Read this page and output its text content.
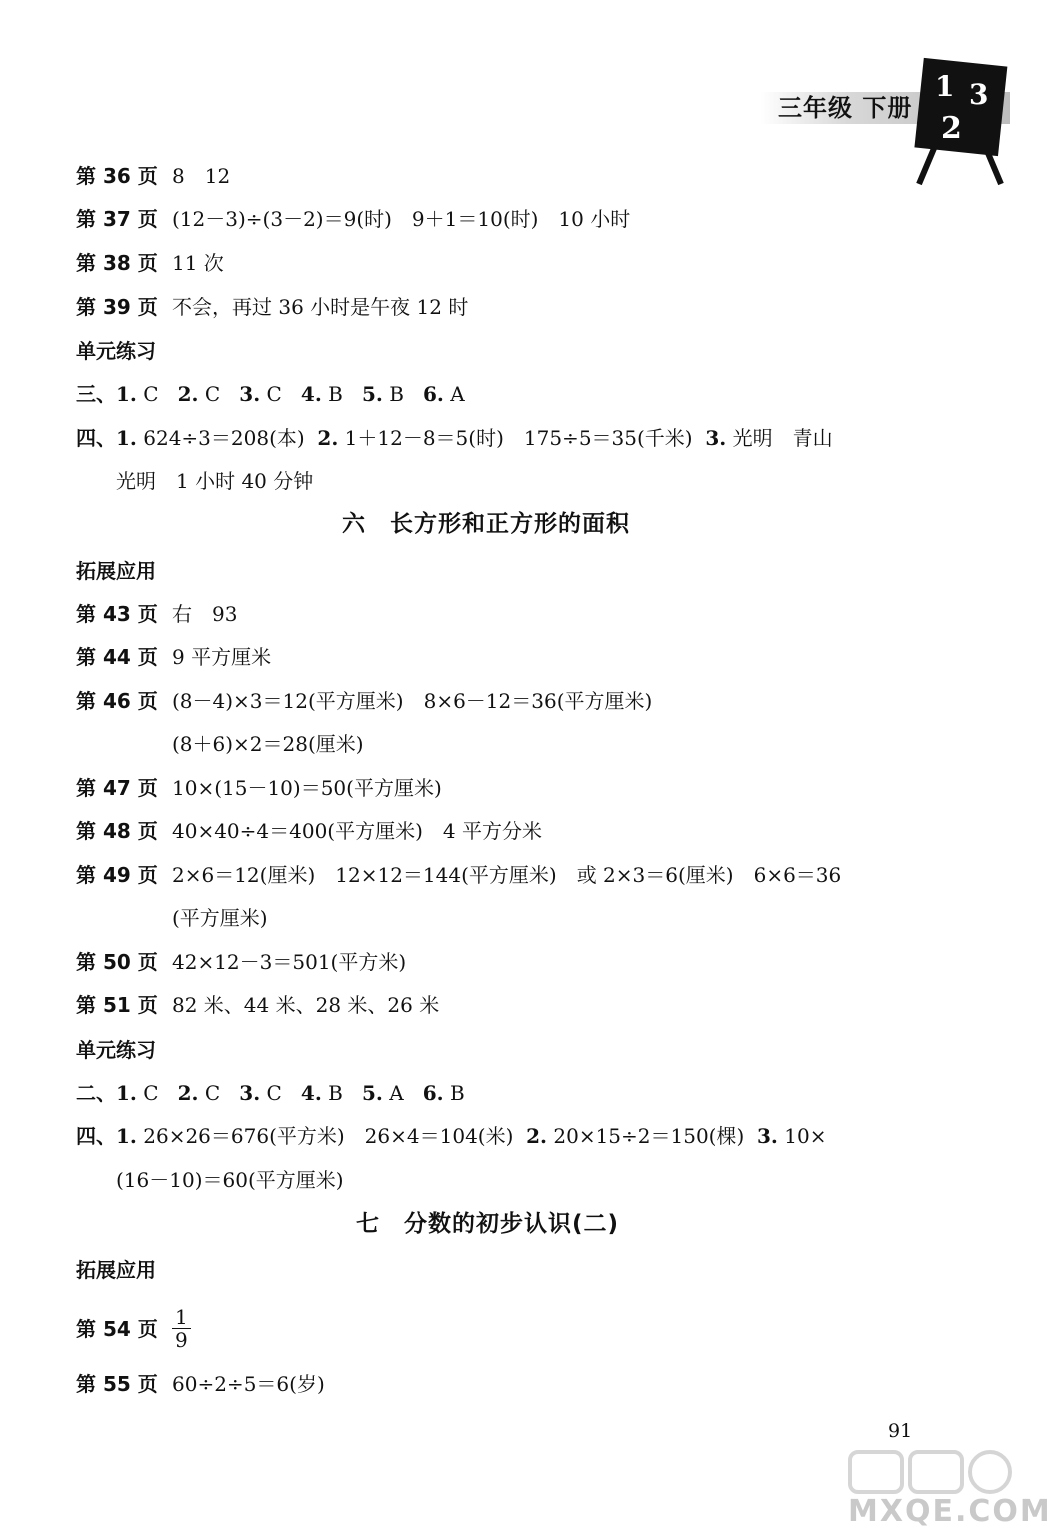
三年级 下册
1 3
2
第 36 页 8　12
第 37 页 (12－3)÷(3－2)＝9(时)　9＋1＝10(时)　10 小时
第 38 页 11 次
第 39 页 不会，再过 36 小时是午夜 12 时
单元练习
三、1. C 2. C 3. C 4. B 5. B 6. A
四、1. 624÷3＝208(本) 2. 1＋12－8＝5(时)　175÷5＝35(千米) 3. 光明　青山
光明　1 小时 40 分钟
六　长方形和正方形的面积
拓展应用
第 43 页 右　93
第 44 页 9 平方厘米
第 46 页 (8－4)×3＝12(平方厘米)　8×6－12＝36(平方厘米)
(8＋6)×2＝28(厘米)
第 47 页 10×(15－10)＝50(平方厘米)
第 48 页 40×40÷4＝400(平方厘米)　4 平方分米
第 49 页 2×6＝12(厘米)　12×12＝144(平方厘米)　或 2×3＝6(厘米)　6×6＝36
(平方厘米)
第 50 页 42×12－3＝501(平方米)
第 51 页 82 米、44 米、28 米、26 米
单元练习
二、1. C 2. C 3. C 4. B 5. A 6. B
四、1. 26×26＝676(平方米)　26×4＝104(米) 2. 20×15÷2＝150(棵) 3. 10×
(16－10)＝60(平方厘米)
七　分数的初步认识(二)
拓展应用
第 54 页 $\frac{1}{9}$
第 55 页 60÷2÷5＝6(岁)
91
MXQE.COM
